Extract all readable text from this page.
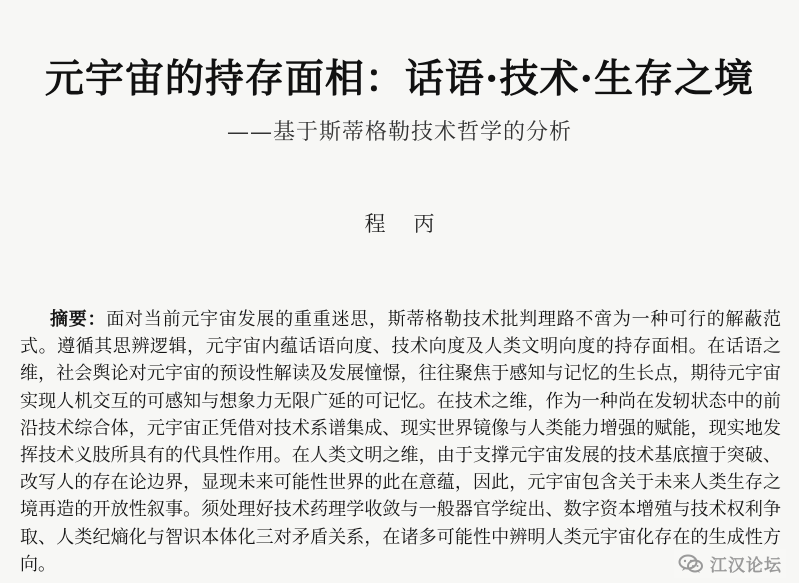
元宇宙的持存面相：话语·技术·生存之境
——基于斯蒂格勒技术哲学的分析
程丙
摘要：面对当前元宇宙发展的重重迷思，斯蒂格勒技术批判理路不啻为一种可行的解蔽范式。遵循其思辨逻辑，元宇宙内蕴话语向度、技术向度及人类文明向度的持存面相。在话语之维，社会舆论对元宇宙的预设性解读及发展憧憬，往往聚焦于感知与记忆的生长点，期待元宇宙实现人机交互的可感知与想象力无限广延的可记忆。在技术之维，作为一种尚在发轫状态中的前沿技术综合体，元宇宙正凭借对技术系谱集成、现实世界镜像与人类能力增强的赋能，现实地发挥技术义肢所具有的代具性作用。在人类文明之维，由于支撑元宇宙发展的技术基底擅于突破、改写人的存在论边界，显现未来可能性世界的此在意蕴，因此，元宇宙包含关于未来人类生存之境再造的开放性叙事。须处理好技术药理学收敛与一般器官学绽出、数字资本增殖与技术权利争取、人类纪熵化与智识本体化三对矛盾关系，在诸多可能性中辨明人类元宇宙化存在的生成性方向。	江汉论坛
